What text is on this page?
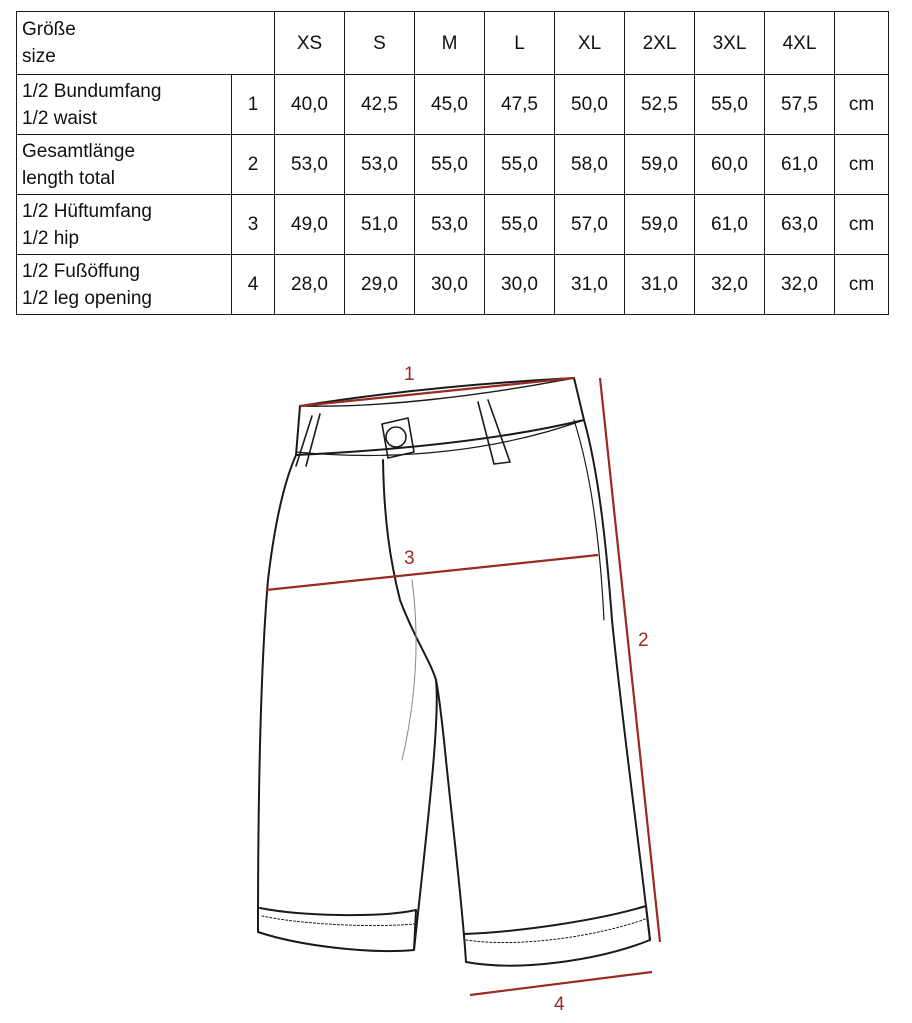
Größe
size		XS	S	M	L	XL	2XL	3XL	4XL	

1/2 Bundumfang
1/2 waist	1	40,0	42,5	45,0	47,5	50,0	52,5	55,0	57,5	cm

Gesamtlänge
length total	2	53,0	53,0	55,0	55,0	58,0	59,0	60,0	61,0	cm

1/2 Hüftumfang
1/2 hip	3	49,0	51,0	53,0	55,0	57,0	59,0	61,0	63,0	cm

1/2 Fußöffung
1/2 leg opening	4	28,0	29,0	30,0	30,0	31,0	31,0	32,0	32,0	cm
1
2
3
4
